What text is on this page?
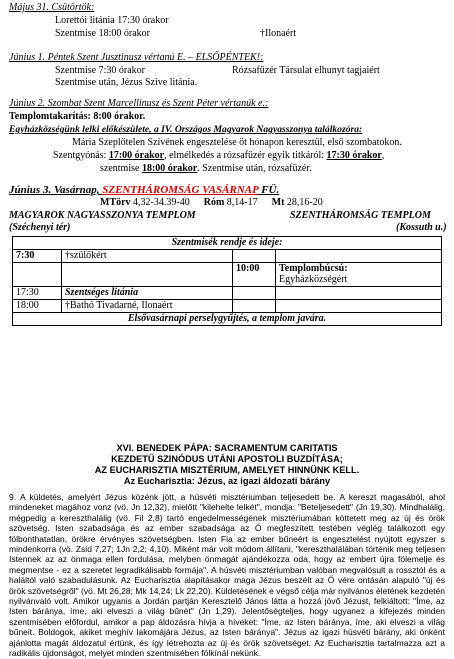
Május 31. Csütörtök:
Lorettói litánia 17:30 órakor
Szentmise 18:00 órakor	†Ilonaért
Június 1. Péntek Szent Jusztinusz vértanú E. – ELSŐPÉNTEK!:
Szentmise 7:30 órakor	Rózsafüzér Társulat elhunyt tagjaiért
Szentmise után, Jézus Szíve litánia.
Június 2. Szombat Szent Marcellinusz és Szent Péter vértanúk e.:
Templomtakarítás: 8:00 órakor.
Egyházközségünk lelki előkészülete, a IV. Országos Magyarok Nagyasszonya találkozóra:
Mária Szeplőtelen Szívének engesztelése öt hónapon keresztül, első szombatokon.
Szentgyónás: 17:00 órakor, elmélkedés a rózsafüzér egyik titkáról: 17:30 órakor,
szentmise 18:00 órakor. Szentmise után, rózsafüzér.
Június 3. Vasárnap, SZENTHÁROMSÁG VASÁRNAP FÜ.
MTörv 4,32-34.39-40 Róm 8,14-17 Mt 28,16-20
MAGYAROK NAGYASSZONYA TEMPLOM	SZENTHÁROMSÁG TEMPLOM
(Széchenyi tér)	(Kossuth u.)
Szentmisék rendje és ideje:			
7:30	†szülőkért		
		10:00	Templombúcsú:
Egyházközségért

17:30	Szentséges litánia		
18:00	†Bathó Tivadarné, Ilonaért		
Elsővasárnapi perselygyűjtés, a templom javára.			
XVI. BENEDEK PÁPA: SACRAMENTUM CARITATIS
KEZDETŰ SZINÓDUS UTÁNI APOSTOLI BUZDÍTÁSA;
AZ EUCHARISZTIA MISZTÉRIUM, AMELYET HINNÜNK KELL.
Az Eucharisztia: Jézus, az igazi áldozati bárány
9. A küldetés, amelyért Jézus közénk jött, a húsvéti misztériumban teljesedett be. A kereszt magasából, ahol mindeneket magához vonz (vö. Jn 12,32), mielőtt "kilehelte lelkét", mondja: "Beteljesedett" (Jn 19,30). Mindhalálig, mégpedig a kereszthalálig (vö. Fil 2,8) tartó engedelmességének misztériumában köttetett meg az új és örök szövetség. Isten szabadsága és az ember szabadsága az Ő megfeszített testében véglég találkozott egy fölbonthatatlan, örökre érvényes szövetségben. Isten Fia az ember bűneért is engesztelést nyújtott egyszer s mindenkorra (vö. Zsid 7,27; 1Jn 2,2; 4,10). Miként már volt módom állítani, "kereszthalálában történik meg teljesen Istennek az az önmaga ellen fordulása, melyben önmagát ajándékozza oda, hogy az embert újra fölemelje és megmentse - ez a szeretet legradikálisabb formája". A húsvéti misztériumban valóban megvalósult a rossztól és a haláltól való szabadulásunk. Az Eucharisztia alapításakor maga Jézus beszélt az Ő vére ontásán alapuló "új és örök szövetségről" (vö. Mt 26,28; Mk 14,24; Lk 22,20). Küldetésének e végső célja már nyilvános életének kezdetén nyilvánvaló volt. Amikor ugyanis a Jordán partján Keresztelő János látta a hozzá jövő Jézust, felkiáltott: "Íme, az Isten báránya, íme, aki elveszi a világ bűnét" (Jn 1,29). Jelentőségteljes, hogy ugyanez a kifejezés minden szentmisében előfordul, amikor a pap áldozásra hívja a híveket: "Íme, az Isten báránya, íme, aki elveszi a világ bűneit. Boldogok, akiket meghív lakomájára Jézus, az Isten báránya". Jézus az igazi húsvéti bárány, aki önként ajánlotta magát áldozatul értünk, és így létrehozta az új és örök szövetséget. Az Eucharisztia tartalmazza azt a radikális újdonságot, melyet minden szentmisében fölkínál nekünk.
